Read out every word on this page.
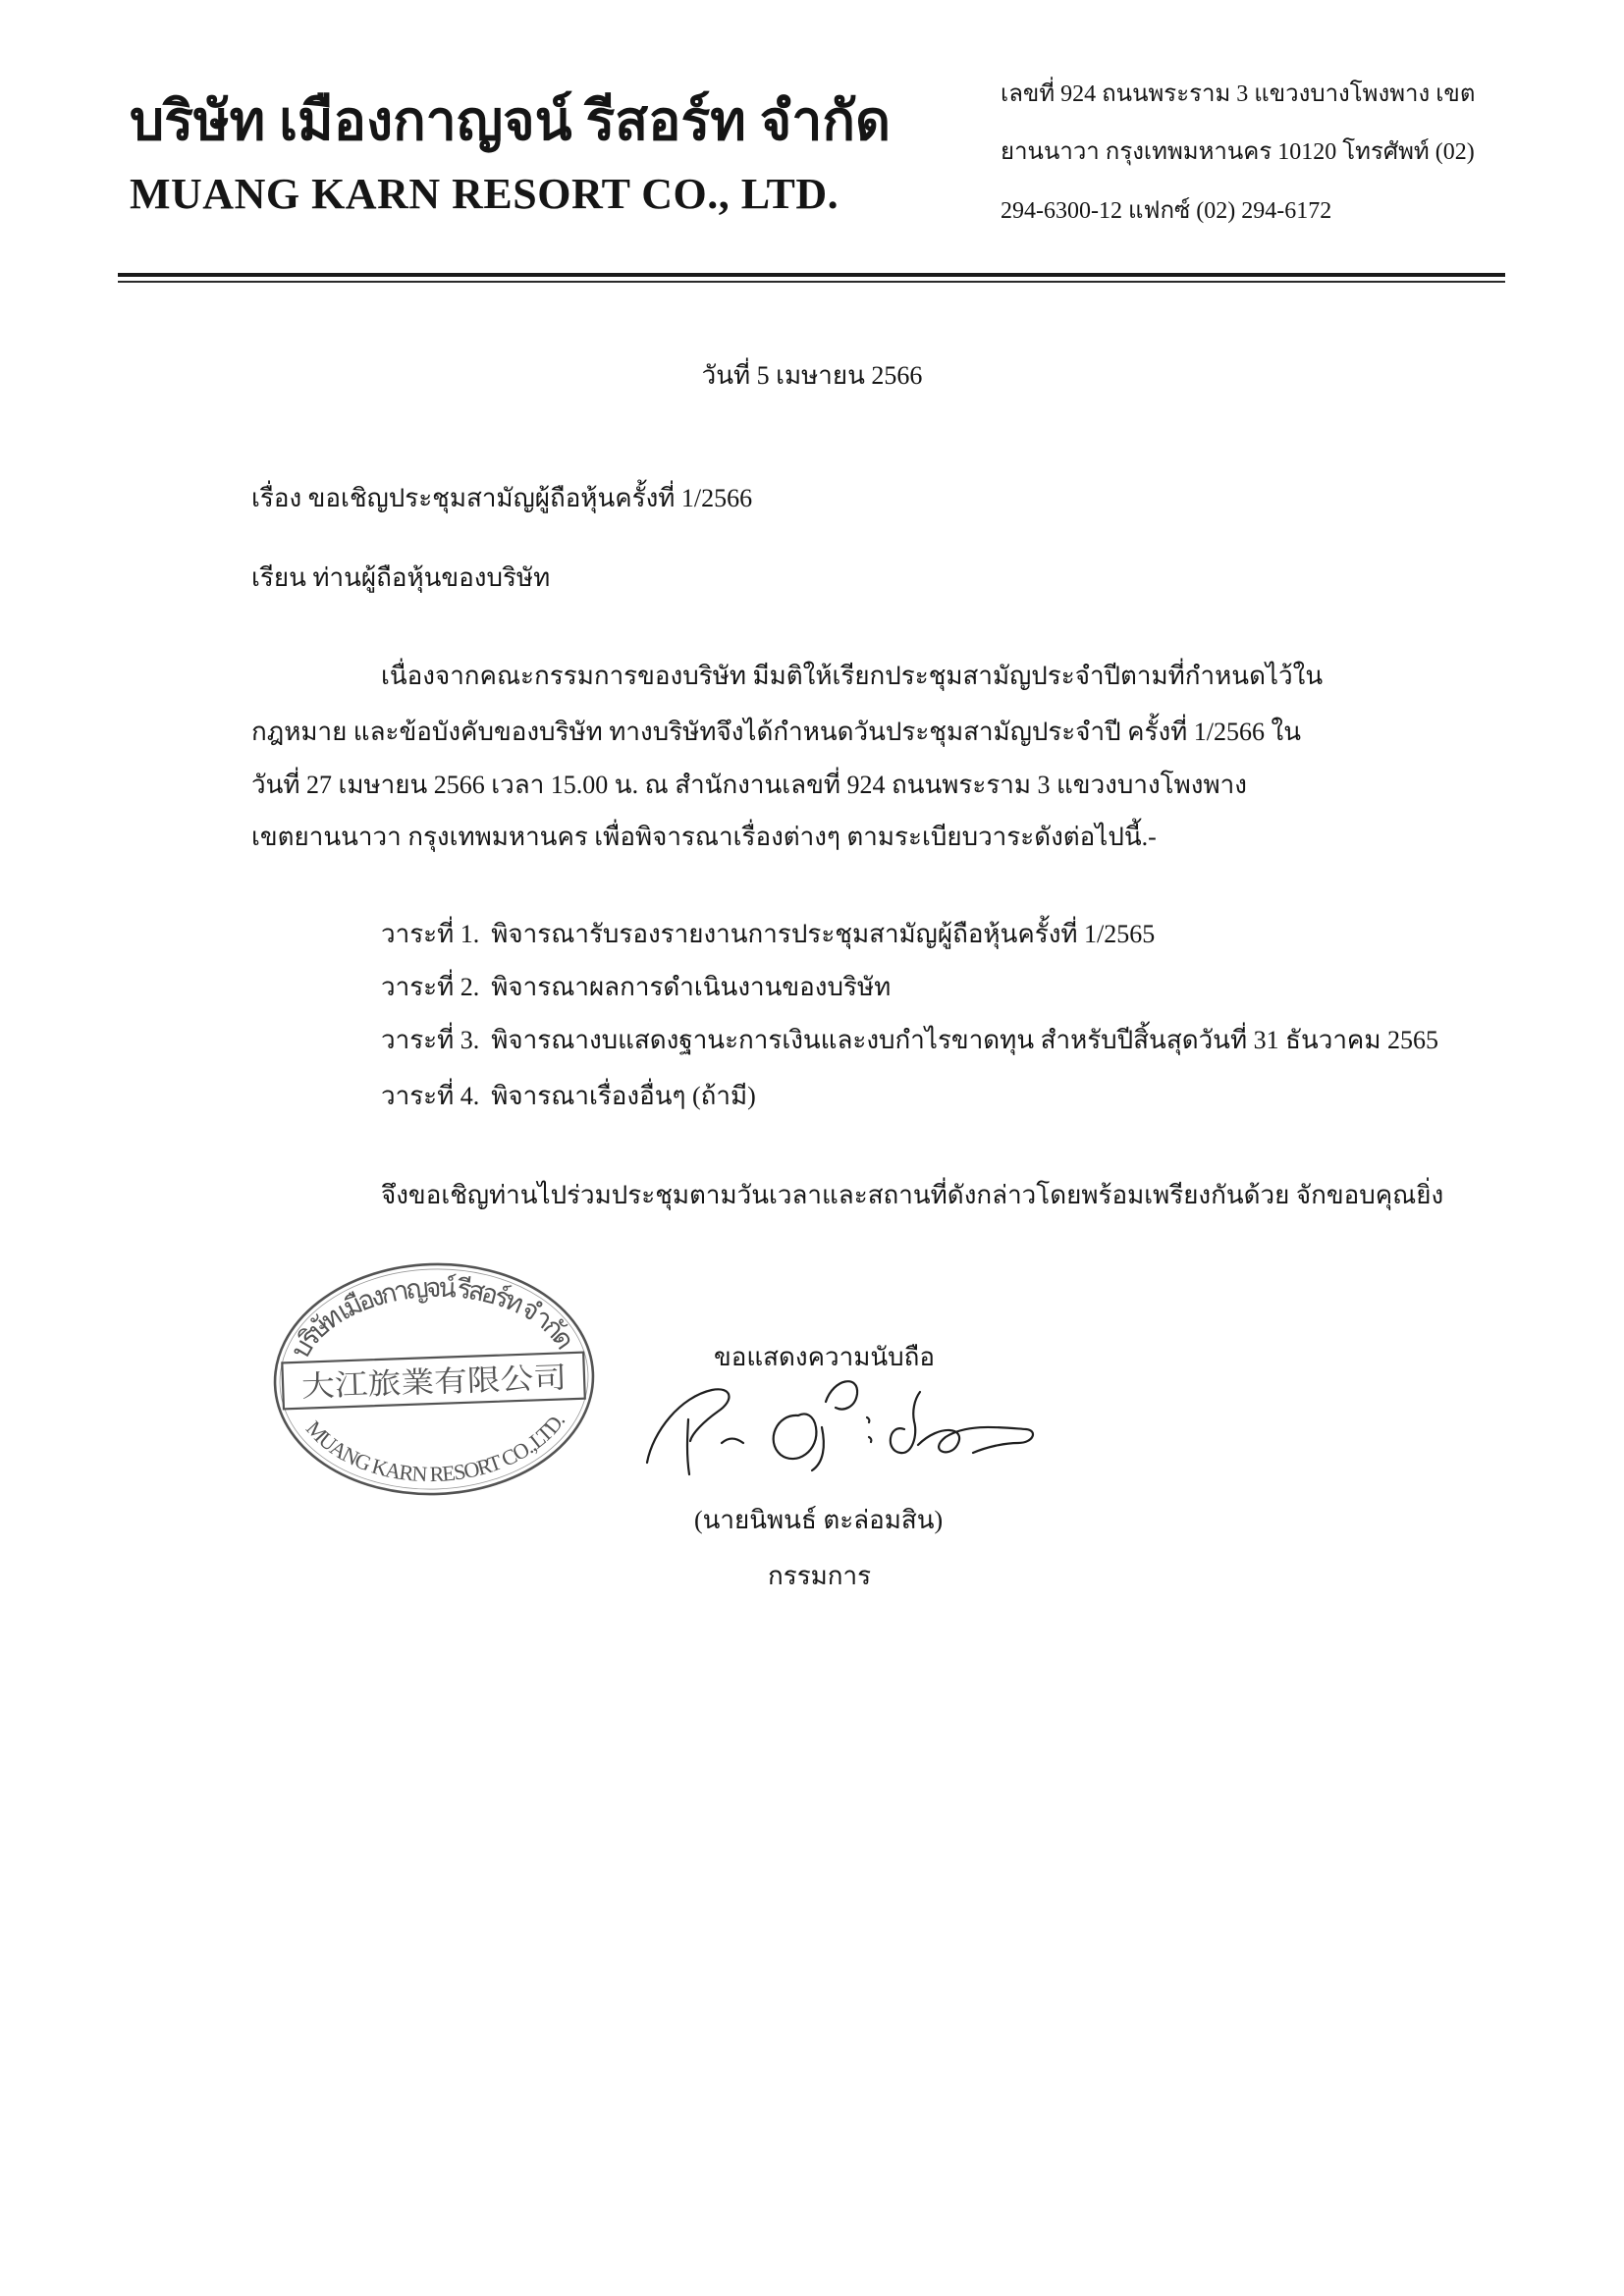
บริษัท เมืองกาญจน์ รีสอร์ท จำกัด
MUANG KARN RESORT CO., LTD.
เลขที่ 924 ถนนพระราม 3 แขวงบางโพงพาง เขต
ยานนาวา กรุงเทพมหานคร 10120 โทรศัพท์ (02)
294-6300-12 แฟกซ์ (02) 294-6172
วันที่ 5 เมษายน 2566
เรื่อง ขอเชิญประชุมสามัญผู้ถือหุ้นครั้งที่ 1/2566
เรียน ท่านผู้ถือหุ้นของบริษัท
เนื่องจากคณะกรรมการของบริษัท มีมติให้เรียกประชุมสามัญประจำปีตามที่กำหนดไว้ใน
กฎหมาย และข้อบังคับของบริษัท ทางบริษัทจึงได้กำหนดวันประชุมสามัญประจำปี ครั้งที่ 1/2566 ใน
วันที่ 27 เมษายน 2566 เวลา 15.00 น. ณ สำนักงานเลขที่ 924 ถนนพระราม 3 แขวงบางโพงพาง
เขตยานนาวา กรุงเทพมหานคร เพื่อพิจารณาเรื่องต่างๆ ตามระเบียบวาระดังต่อไปนี้.-
วาระที่ 1. พิจารณารับรองรายงานการประชุมสามัญผู้ถือหุ้นครั้งที่ 1/2565
วาระที่ 2. พิจารณาผลการดำเนินงานของบริษัท
วาระที่ 3. พิจารณางบแสดงฐานะการเงินและงบกำไรขาดทุน สำหรับปีสิ้นสุดวันที่ 31 ธันวาคม 2565
วาระที่ 4. พิจารณาเรื่องอื่นๆ (ถ้ามี)
จึงขอเชิญท่านไปร่วมประชุมตามวันเวลาและสถานที่ดังกล่าวโดยพร้อมเพรียงกันด้วย จักขอบคุณยิ่ง
บริษัท เมืองกาญจน์ รีสอร์ท จำกัด
大江旅業有限公司
MUANG KARN RESORT CO.,LTD.
ขอแสดงความนับถือ
(นายนิพนธ์ ตะล่อมสิน)
กรรมการ
